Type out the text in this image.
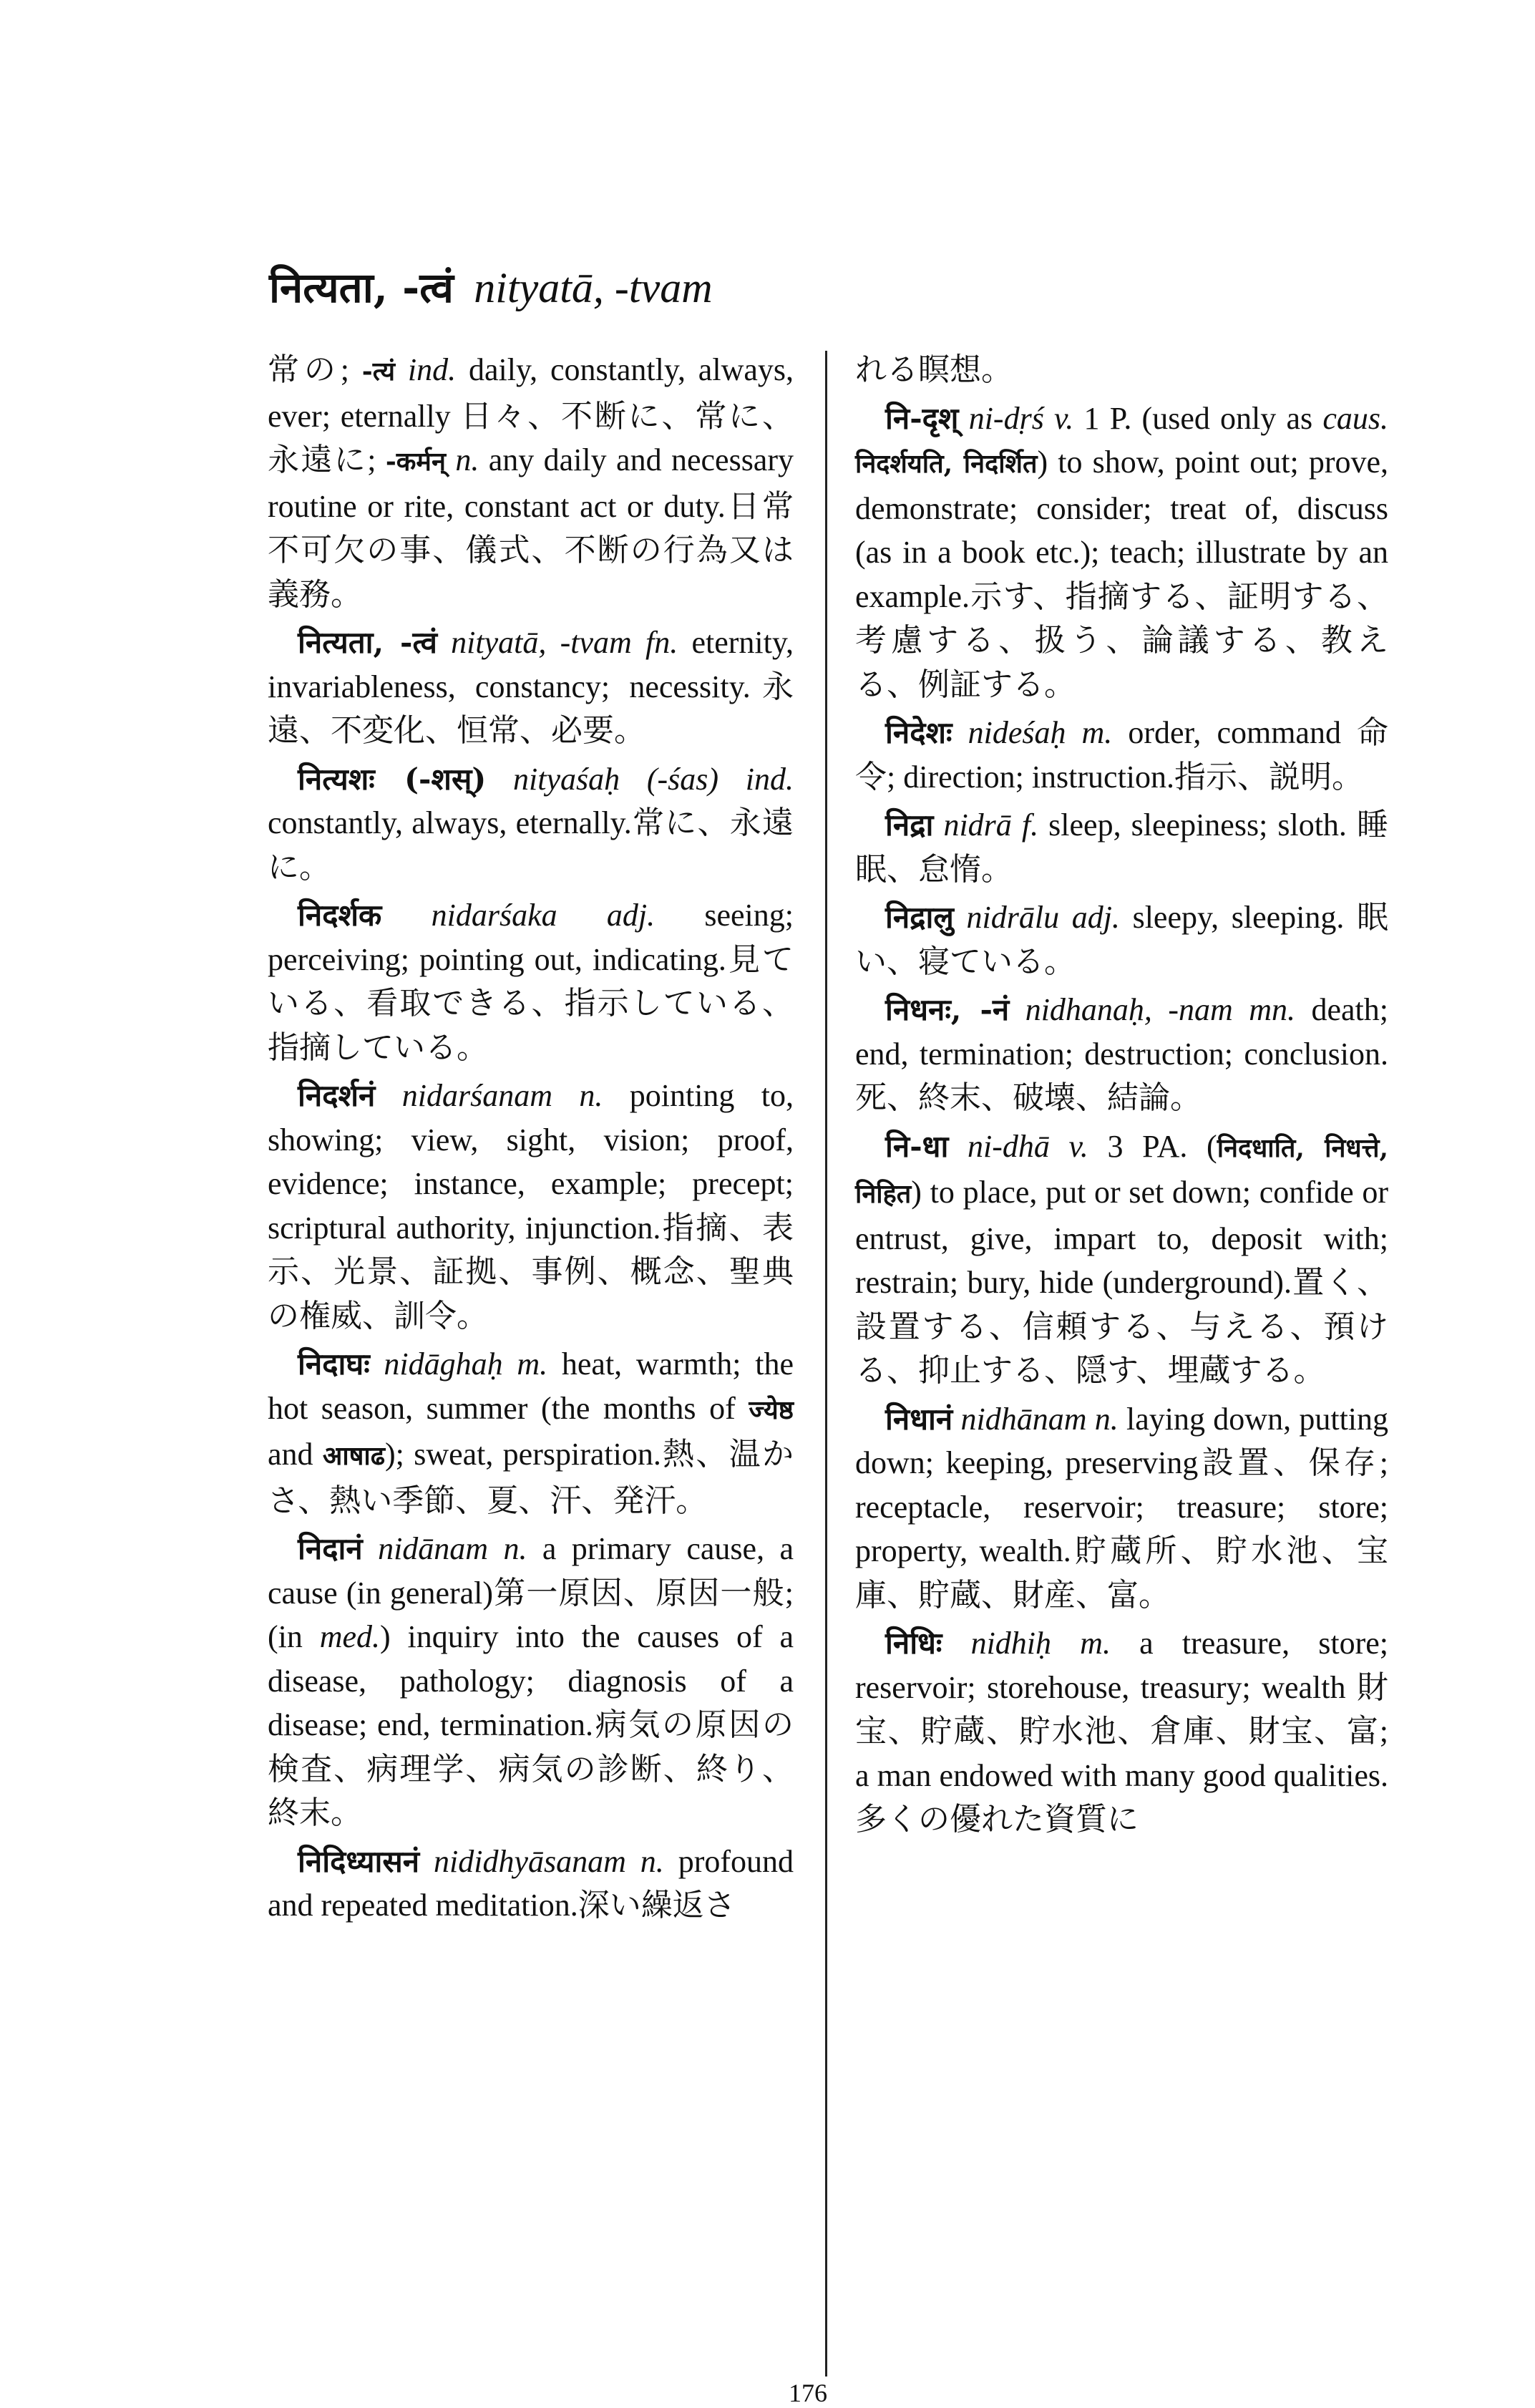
नित्यता, -त्वं nityatā, -tvam

常の; -त्यं ind. daily, constantly, always, ever; eternally 日々、不断に、常に、永遠に; -कर्मन् n. any daily and necessary routine or rite, constant act or duty.日常不可欠の事、儀式、不断の行為又は義務。

नित्यता, -त्वं nityatā, -tvam fn. eternity, invariableness, constancy; necessity.永遠、不変化、恒常、必要。

नित्यशः (-शस्) nityaśaḥ (-śas) ind. constantly, always, eternally.常に、永遠に。

निदर्शक nidarśaka adj. seeing; perceiving; pointing out, indicating.見ている、看取できる、指示している、指摘している。

निदर्शनं nidarśanam n. pointing to, showing; view, sight, vision; proof, evidence; instance, example; precept; scriptural authority, injunction.指摘、表示、光景、証拠、事例、概念、聖典の権威、訓令。

निदाघः nidāghaḥ m. heat, warmth; the hot season, summer (the months of ज्येष्ठ and आषाढ); sweat, perspiration.熱、温かさ、熱い季節、夏、汗、発汗。

निदानं nidānam n. a primary cause, a cause (in general)第一原因、原因一般; (in med.) inquiry into the causes of a disease, pathology; diagnosis of a disease; end, termination.病気の原因の検査、病理学、病気の診断、終り、終末。

निदिध्यासनं nididhyāsanam n. profound and repeated meditation.深い繰返さ

れる瞑想。

नि-दृश् ni-dṛś v. 1 P. (used only as caus. निदर्शयति, निदर्शित) to show, point out; prove, demonstrate; consider; treat of, discuss (as in a book etc.); teach; illustrate by an example.示す、指摘する、証明する、考慮する、扱う、論議する、教える、例証する。

निदेशः nideśaḥ m. order, command 命令; direction; instruction.指示、説明。

निद्रा nidrā f. sleep, sleepiness; sloth. 睡眠、怠惰。

निद्रालु nidrālu adj. sleepy, sleeping. 眠い、寝ている。

निधनः, -नं nidhanaḥ, -nam mn. death; end, termination; destruction; conclusion.死、終末、破壊、結論。

नि-धा ni-dhā v. 3 PA. (निदधाति, निधत्ते, निहित) to place, put or set down; confide or entrust, give, impart to, deposit with; restrain; bury, hide (underground).置く、設置する、信頼する、与える、預ける、抑止する、隠す、埋蔵する。

निधानं nidhānam n. laying down, putting down; keeping, preserving設置、保存; receptacle, reservoir; treasure; store; property, wealth.貯蔵所、貯水池、宝庫、貯蔵、財産、富。

निधिः nidhiḥ m. a treasure, store; reservoir; storehouse, treasury; wealth 財宝、貯蔵、貯水池、倉庫、財宝、富; a man endowed with many good qualities.多くの優れた資質に

176
